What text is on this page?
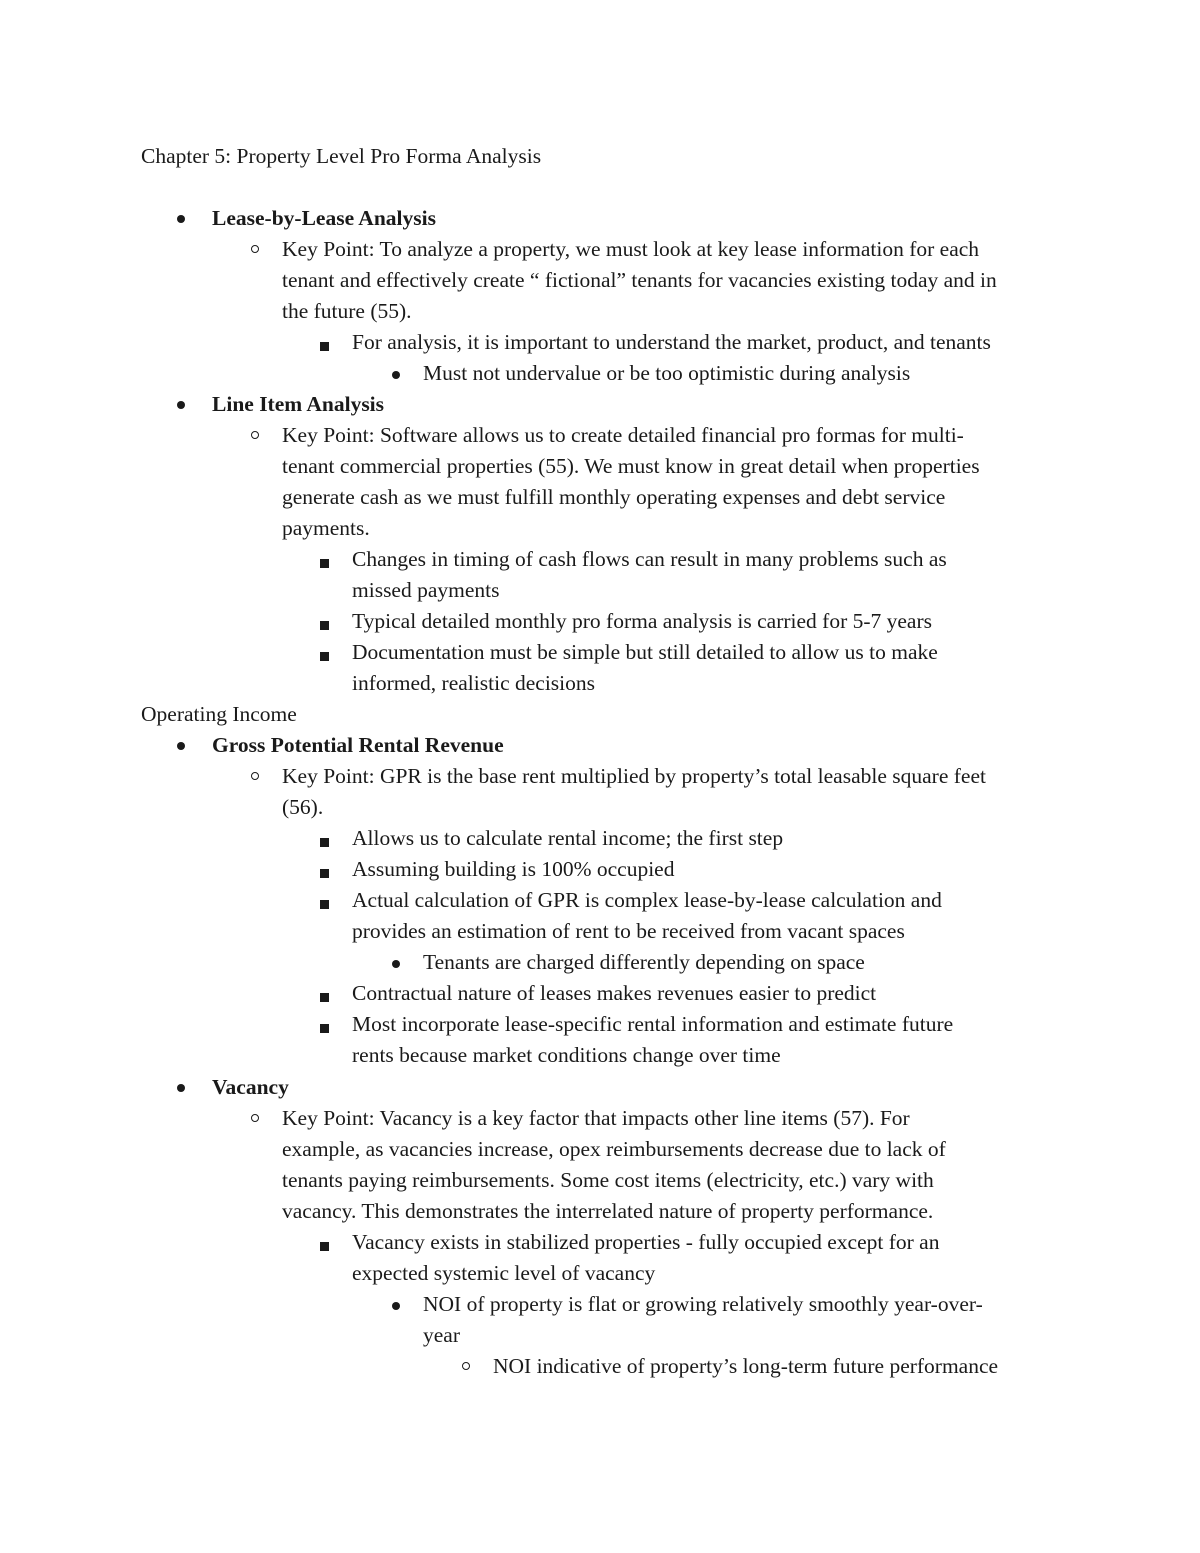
Chapter 5: Property Level Pro Forma Analysis
Lease-by-Lease Analysis
Key Point: To analyze a property, we must look at key lease information for each
tenant and effectively create “ fictional” tenants for vacancies existing today and in
the future (55).
For analysis, it is important to understand the market, product, and tenants
Must not undervalue or be too optimistic during analysis
Line Item Analysis
Key Point: Software allows us to create detailed financial pro formas for multi-
tenant commercial properties (55). We must know in great detail when properties
generate cash as we must fulfill monthly operating expenses and debt service
payments.
Changes in timing of cash flows can result in many problems such as
missed payments
Typical detailed monthly pro forma analysis is carried for 5-7 years
Documentation must be simple but still detailed to allow us to make
informed, realistic decisions
Operating Income
Gross Potential Rental Revenue
Key Point: GPR is the base rent multiplied by property’s total leasable square feet
(56).
Allows us to calculate rental income; the first step
Assuming building is 100% occupied
Actual calculation of GPR is complex lease-by-lease calculation and
provides an estimation of rent to be received from vacant spaces
Tenants are charged differently depending on space
Contractual nature of leases makes revenues easier to predict
Most incorporate lease-specific rental information and estimate future
rents because market conditions change over time
Vacancy
Key Point: Vacancy is a key factor that impacts other line items (57). For
example, as vacancies increase, opex reimbursements decrease due to lack of
tenants paying reimbursements. Some cost items (electricity, etc.) vary with
vacancy. This demonstrates the interrelated nature of property performance.
Vacancy exists in stabilized properties - fully occupied except for an
expected systemic level of vacancy
NOI of property is flat or growing relatively smoothly year-over-
year
NOI indicative of property’s long-term future performance
